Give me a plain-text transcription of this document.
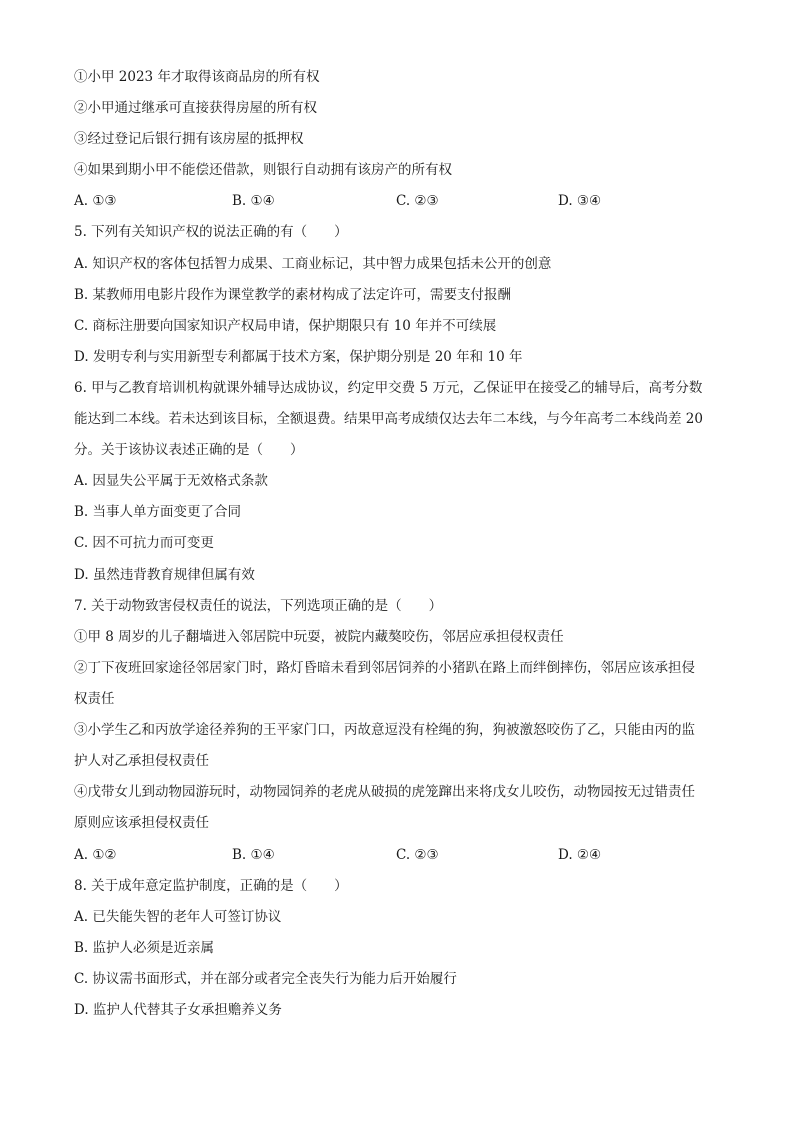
①小甲 2023 年才取得该商品房的所有权
②小甲通过继承可直接获得房屋的所有权
③经过登记后银行拥有该房屋的抵押权
④如果到期小甲不能偿还借款，则银行自动拥有该房产的所有权
A. ①③	B. ①④	C. ②③	D. ③④
5. 下列有关知识产权的说法正确的有（　　）
A. 知识产权的客体包括智力成果、工商业标记，其中智力成果包括未公开的创意
B. 某教师用电影片段作为课堂教学的素材构成了法定许可，需要支付报酬
C. 商标注册要向国家知识产权局申请，保护期限只有 10 年并不可续展
D. 发明专利与实用新型专利都属于技术方案，保护期分别是 20 年和 10 年
6. 甲与乙教育培训机构就课外辅导达成协议，约定甲交费 5 万元，乙保证甲在接受乙的辅导后，高考分数
能达到二本线。若未达到该目标，全额退费。结果甲高考成绩仅达去年二本线，与今年高考二本线尚差 20
分。关于该协议表述正确的是（　　）
A. 因显失公平属于无效格式条款
B. 当事人单方面变更了合同
C. 因不可抗力而可变更
D. 虽然违背教育规律但属有效
7. 关于动物致害侵权责任的说法，下列选项正确的是（　　）
①甲 8 周岁的儿子翻墙进入邻居院中玩耍，被院内藏獒咬伤，邻居应承担侵权责任
②丁下夜班回家途径邻居家门时，路灯昏暗未看到邻居饲养的小猪趴在路上而绊倒摔伤，邻居应该承担侵
权责任
③小学生乙和丙放学途径养狗的王平家门口，丙故意逗没有栓绳的狗，狗被激怒咬伤了乙，只能由丙的监
护人对乙承担侵权责任
④戊带女儿到动物园游玩时，动物园饲养的老虎从破损的虎笼蹿出来将戊女儿咬伤，动物园按无过错责任
原则应该承担侵权责任
A. ①②	B. ①④	C. ②③	D. ②④
8. 关于成年意定监护制度，正确的是（　　）
A. 已失能失智的老年人可签订协议
B. 监护人必须是近亲属
C. 协议需书面形式，并在部分或者完全丧失行为能力后开始履行
D. 监护人代替其子女承担赡养义务
